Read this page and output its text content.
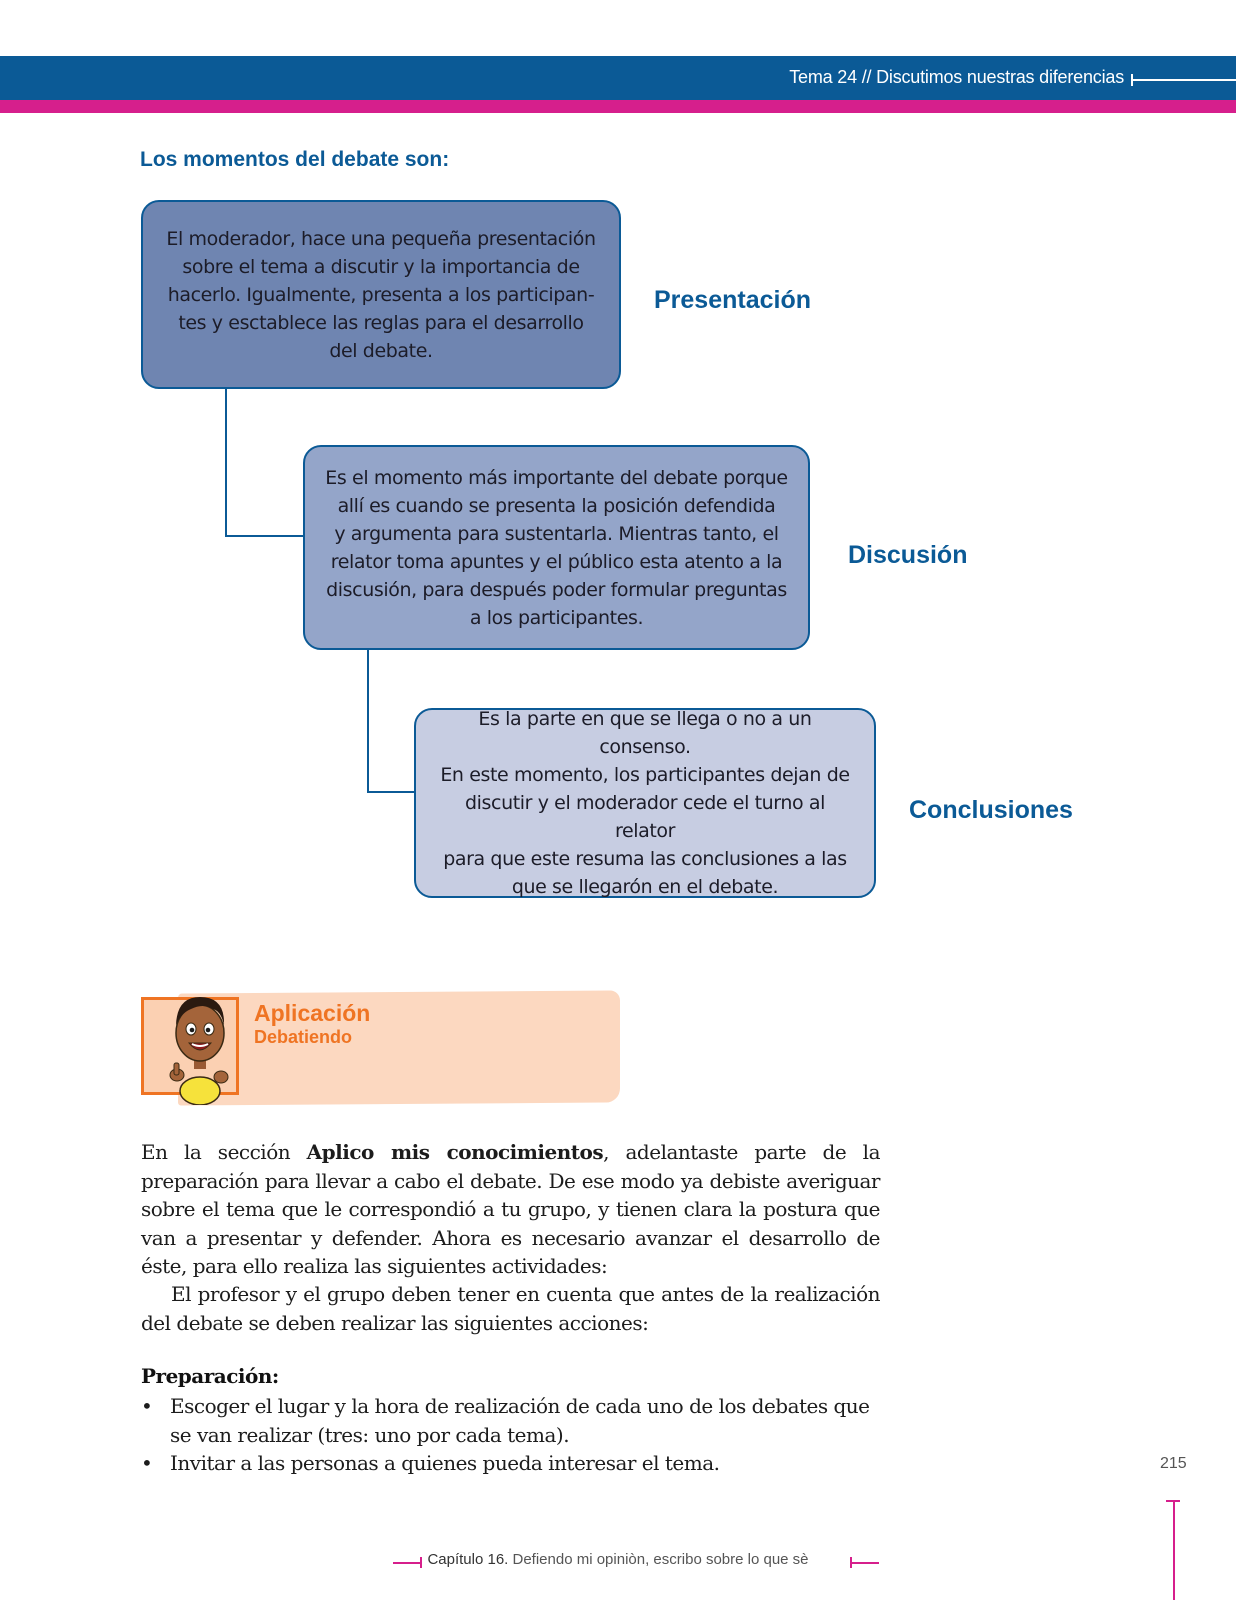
Tema 24 // Discutimos nuestras diferencias
Los momentos del debate son:
El moderador, hace una pequeña presentación
sobre el tema a discutir y la importancia de
hacerlo. Igualmente, presenta a los participan-
tes y esctablece las reglas para el desarrollo
del debate.
Presentación
Es el momento más importante del debate porque
allí es cuando se presenta la posición defendida
y argumenta para sustentarla. Mientras tanto, el
relator toma apuntes y el público esta atento a la
discusión, para después poder formular preguntas
a los participantes.
Discusión
Es la parte en que se llega o no a un consenso.
En este momento, los participantes dejan de
discutir y el moderador cede el turno al relator
para que este resuma las conclusiones a las
que se llegarón en el debate.
Conclusiones
Aplicación
Debatiendo
En la sección Aplico mis conocimientos, adelantaste parte de la preparación para llevar a cabo el debate. De ese modo ya debiste averiguar sobre el tema que le correspondió a tu grupo, y tienen clara la postura que van a presentar y defender. Ahora es necesario avanzar el desarrollo de éste, para ello realiza las siguientes actividades:
El profesor y el grupo deben tener en cuenta que antes de la realización del debate se deben realizar las siguientes acciones:
Preparación:
• Escoger el lugar y la hora de realización de cada uno de los debates que se van realizar (tres: uno por cada tema).
• Invitar a las personas a quienes pueda interesar el tema.	215
Capítulo 16. Defiendo mi opiniòn, escribo sobre lo que sè
